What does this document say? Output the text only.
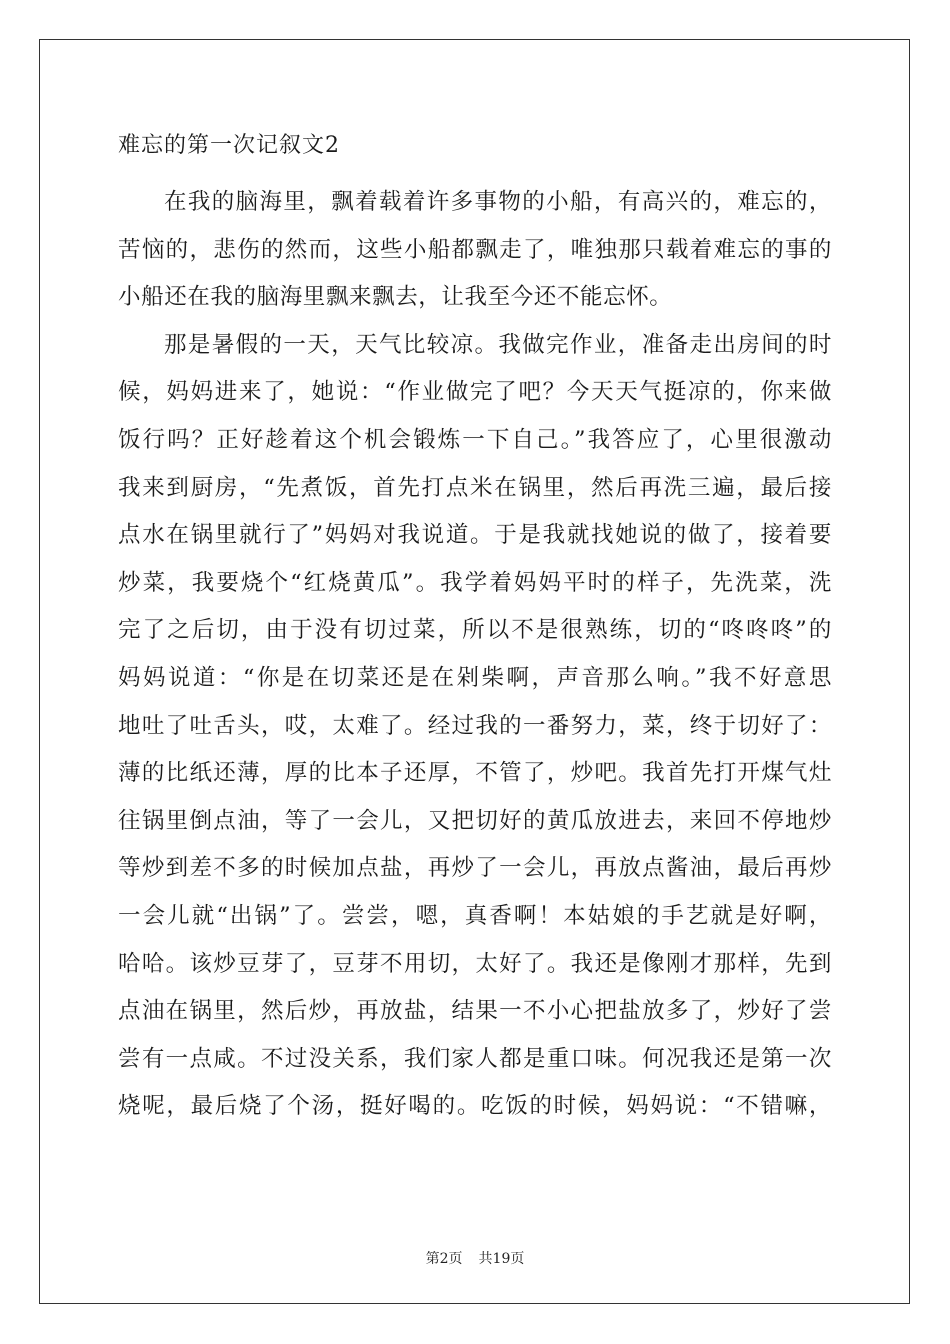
难忘的第一次记叙文2
在我的脑海里，飘着载着许多事物的小船，有高兴的，难忘的，
苦恼的，悲伤的然而，这些小船都飘走了，唯独那只载着难忘的事的
小船还在我的脑海里飘来飘去，让我至今还不能忘怀。
那是暑假的一天，天气比较凉。我做完作业，准备走出房间的时
候，妈妈进来了，她说：“作业做完了吧？今天天气挺凉的，你来做
饭行吗？正好趁着这个机会锻炼一下自己。”我答应了，心里很激动
我来到厨房，“先煮饭，首先打点米在锅里，然后再洗三遍，最后接
点水在锅里就行了”妈妈对我说道。于是我就找她说的做了，接着要
炒菜，我要烧个“红烧黄瓜”。我学着妈妈平时的样子，先洗菜，洗
完了之后切，由于没有切过菜，所以不是很熟练，切的“咚咚咚”的
妈妈说道：“你是在切菜还是在剁柴啊，声音那么响。”我不好意思
地吐了吐舌头，哎，太难了。经过我的一番努力，菜，终于切好了：
薄的比纸还薄，厚的比本子还厚，不管了，炒吧。我首先打开煤气灶
往锅里倒点油，等了一会儿，又把切好的黄瓜放进去，来回不停地炒
等炒到差不多的时候加点盐，再炒了一会儿，再放点酱油，最后再炒
一会儿就“出锅”了。尝尝，嗯，真香啊！本姑娘的手艺就是好啊，
哈哈。该炒豆芽了，豆芽不用切，太好了。我还是像刚才那样，先到
点油在锅里，然后炒，再放盐，结果一不小心把盐放多了，炒好了尝
尝有一点咸。不过没关系，我们家人都是重口味。何况我还是第一次
烧呢，最后烧了个汤，挺好喝的。吃饭的时候，妈妈说：“不错嘛，
第2页 共19页
